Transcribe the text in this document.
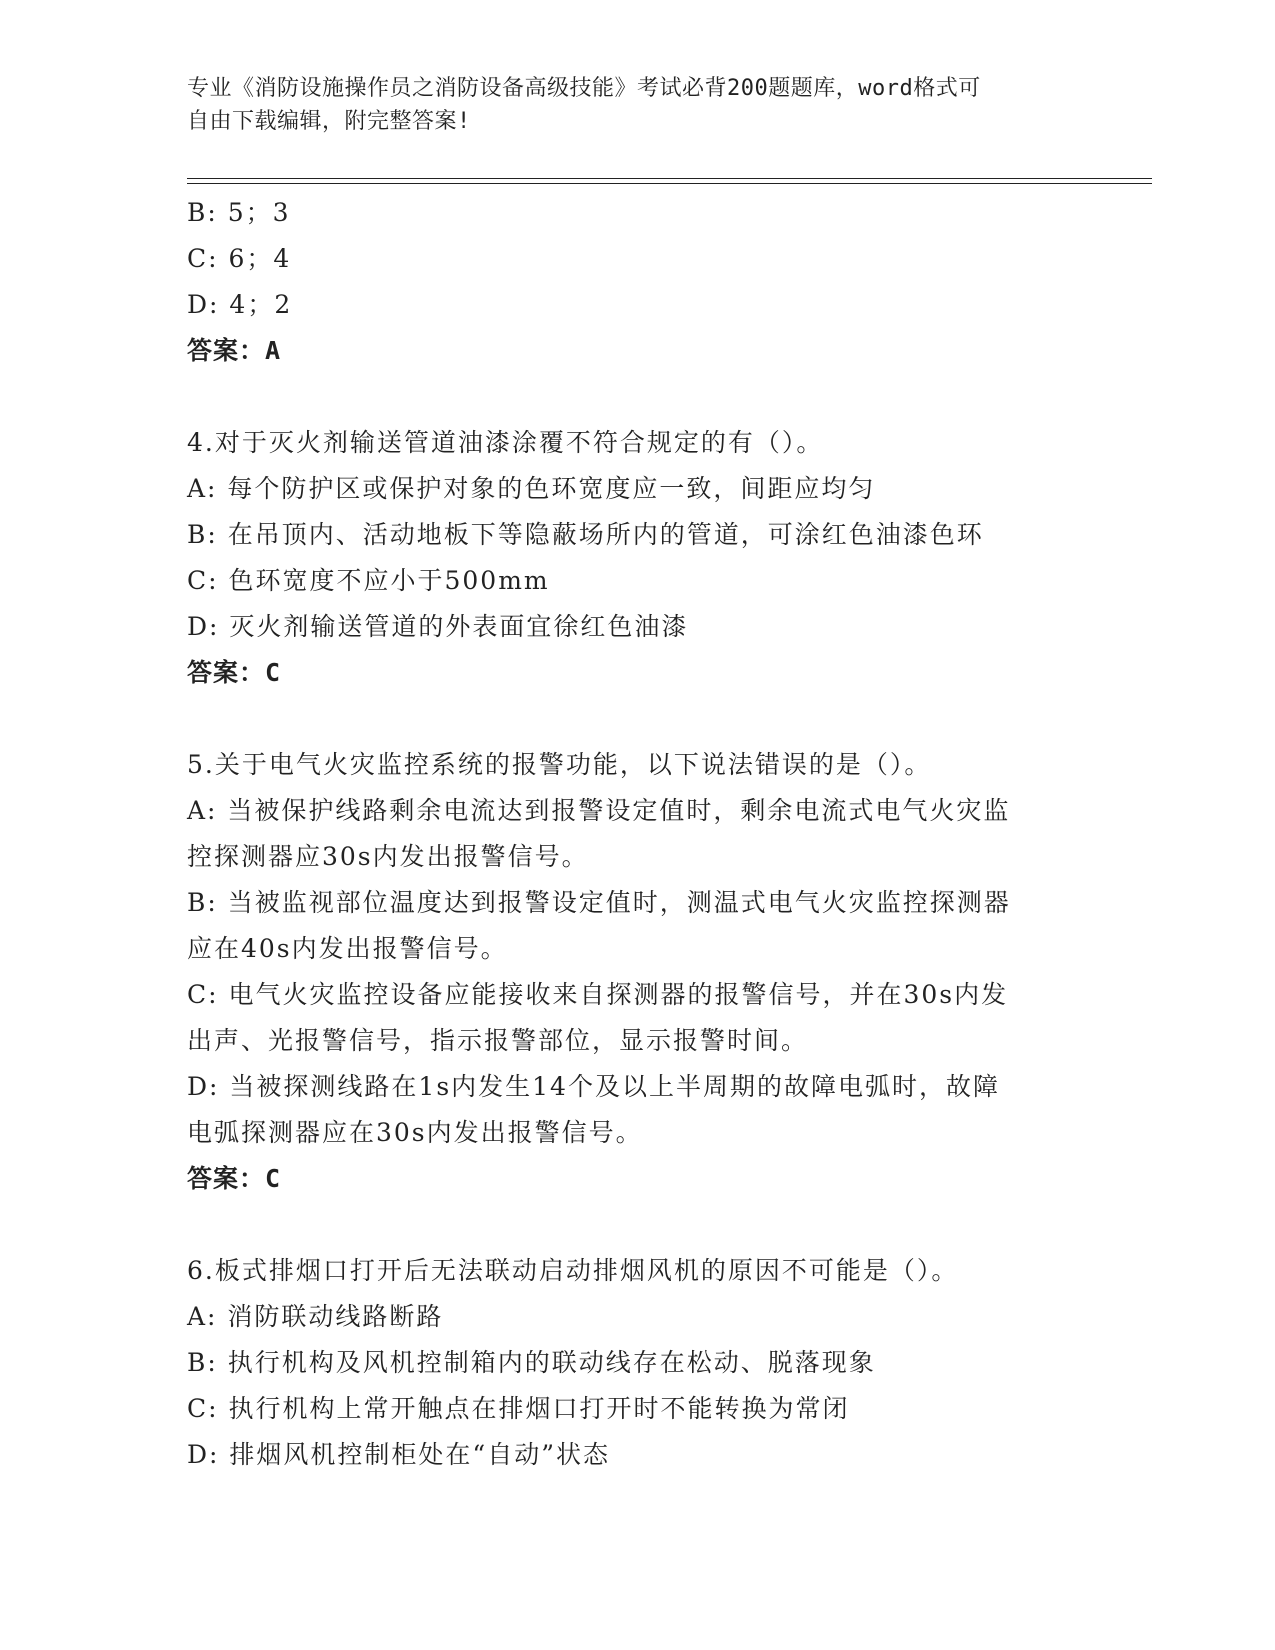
专业《消防设施操作员之消防设备高级技能》考试必背200题题库，word格式可
自由下载编辑，附完整答案!
B: 5；3
C: 6；4
D: 4；2
答案：A
4.对于灭火剂输送管道油漆涂覆不符合规定的有（）。
A: 每个防护区或保护对象的色环宽度应一致，间距应均匀
B: 在吊顶内、活动地板下等隐蔽场所内的管道，可涂红色油漆色环
C: 色环宽度不应小于500mm
D: 灭火剂输送管道的外表面宜徐红色油漆
答案：C
5.关于电气火灾监控系统的报警功能，以下说法错误的是（）。
A: 当被保护线路剩余电流达到报警设定值时，剩余电流式电气火灾监
控探测器应30s内发出报警信号。
B: 当被监视部位温度达到报警设定值时，测温式电气火灾监控探测器
应在40s内发出报警信号。
C: 电气火灾监控设备应能接收来自探测器的报警信号，并在30s内发
出声、光报警信号，指示报警部位，显示报警时间。
D: 当被探测线路在1s内发生14个及以上半周期的故障电弧时，故障
电弧探测器应在30s内发出报警信号。
答案：C
6.板式排烟口打开后无法联动启动排烟风机的原因不可能是（）。
A: 消防联动线路断路
B: 执行机构及风机控制箱内的联动线存在松动、脱落现象
C: 执行机构上常开触点在排烟口打开时不能转换为常闭
D: 排烟风机控制柜处在“自动”状态
